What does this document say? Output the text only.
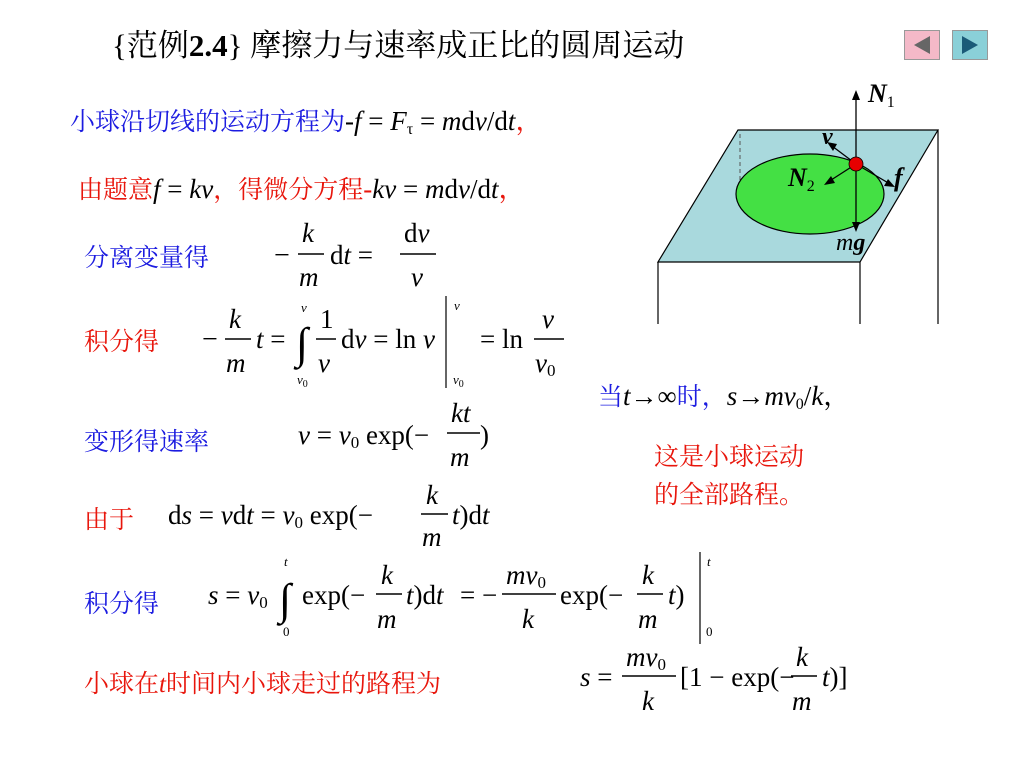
{范例2.4} 摩擦力与速率成正比的圆周运动
小球沿切线的运动方程为$-f = F_\tau = mdv/dt$，
由题意f = kv，得微分方程-kv = mdv/dt，
分离变量得 −
k
m
dt =
dv
v
积分得 −
k
m
t =
v
∫
$v_0$
1
v
dv = ln v
v
$v_0$
= ln
v
v0
当t→∞时，$s\to mv_0/k$，
变形得速率	v = v0 exp(−
kt
m
)
这是小球运动
的全部路程。
由于 ds = vdt = v0 exp(−
k
m
t)dt
积分得 s = v0
t
∫
0
exp(−
k
m
t)dt = −
mv0
k
exp(−
k
m
t)
t
0
小球在t时间内小球走过的路程为	s =
mv0
k
[1 − exp(−
k
m
t)]
N1
v
N2	f
mg
